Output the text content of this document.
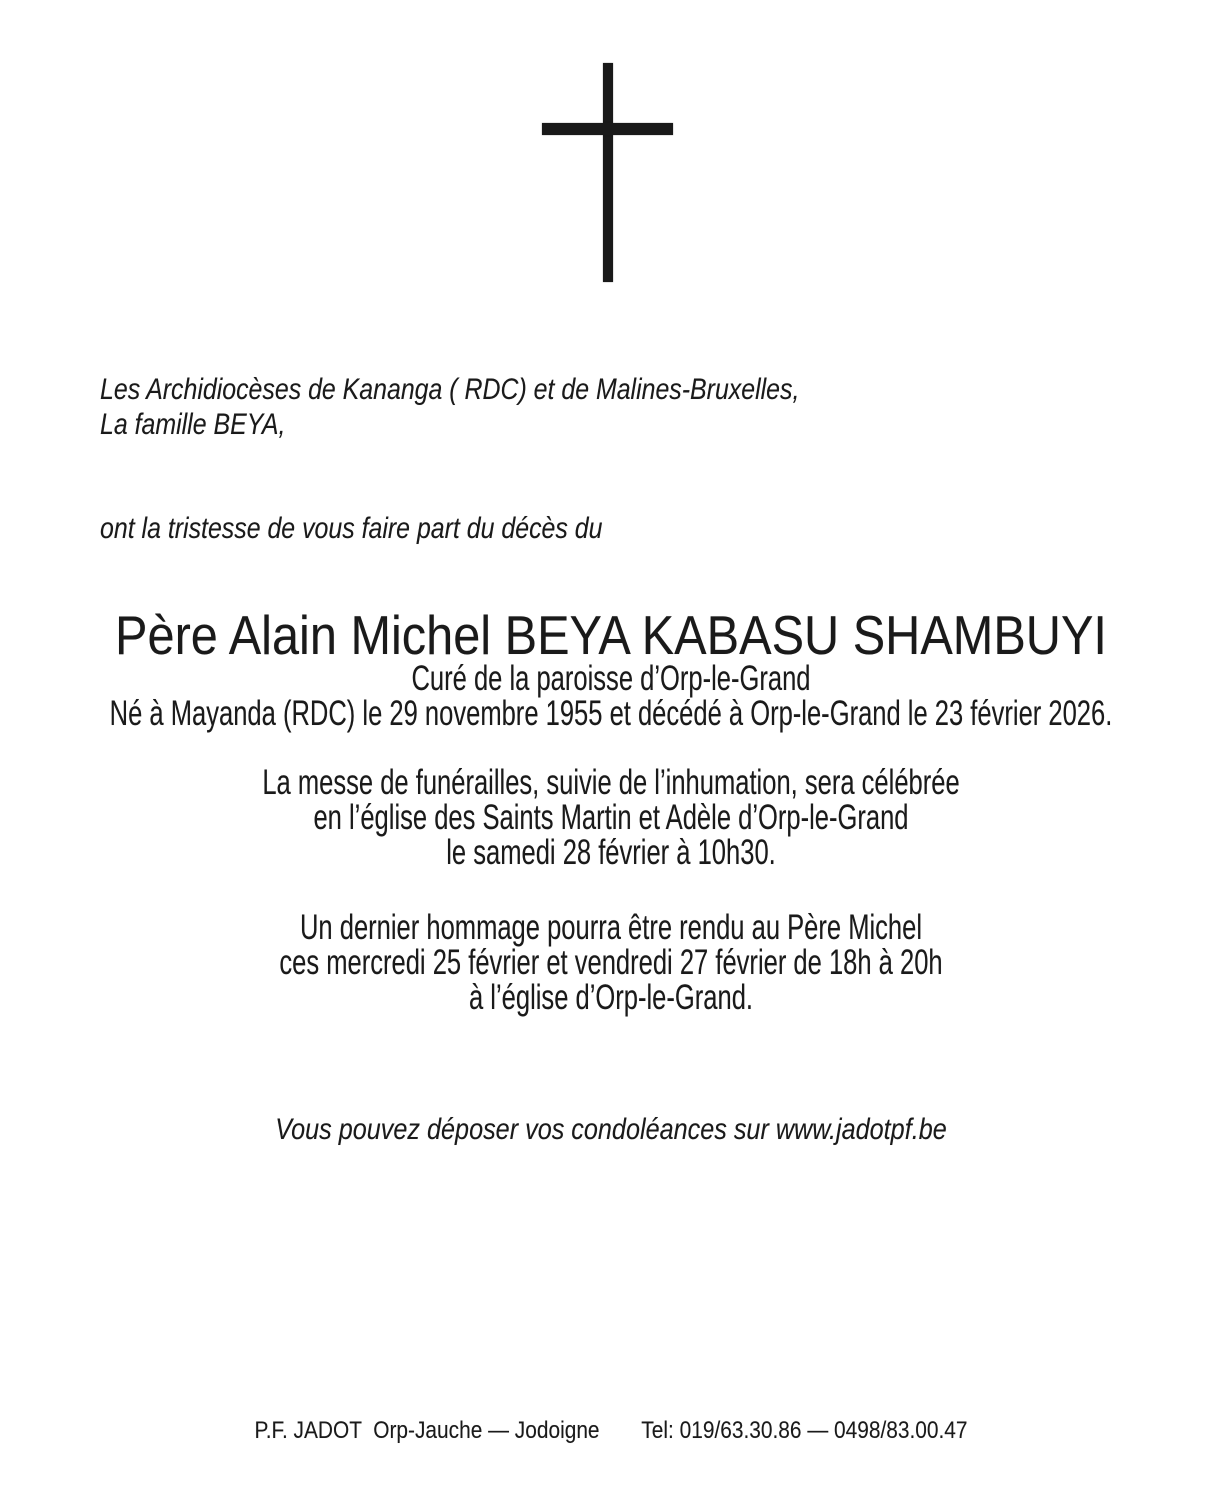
Les Archidiocèses de Kananga ( RDC) et de Malines-Bruxelles,
La famille BEYA,
ont la tristesse de vous faire part du décès du
Père Alain Michel BEYA KABASU SHAMBUYI
Curé de la paroisse d’Orp-le-Grand
Né à Mayanda (RDC) le 29 novembre 1955 et décédé à Orp-le-Grand le 23 février 2026.
La messe de funérailles, suivie de l’inhumation, sera célébrée
en l’église des Saints Martin et Adèle d’Orp-le-Grand
le samedi 28 février à 10h30.
Un dernier hommage pourra être rendu au Père Michel
ces mercredi 25 février et vendredi 27 février de 18h à 20h
à l’église d’Orp-le-Grand.
Vous pouvez déposer vos condoléances sur www.jadotpf.be
P.F. JADOT  Orp-Jauche — Jodoigne Tel: 019/63.30.86 — 0498/83.00.47
